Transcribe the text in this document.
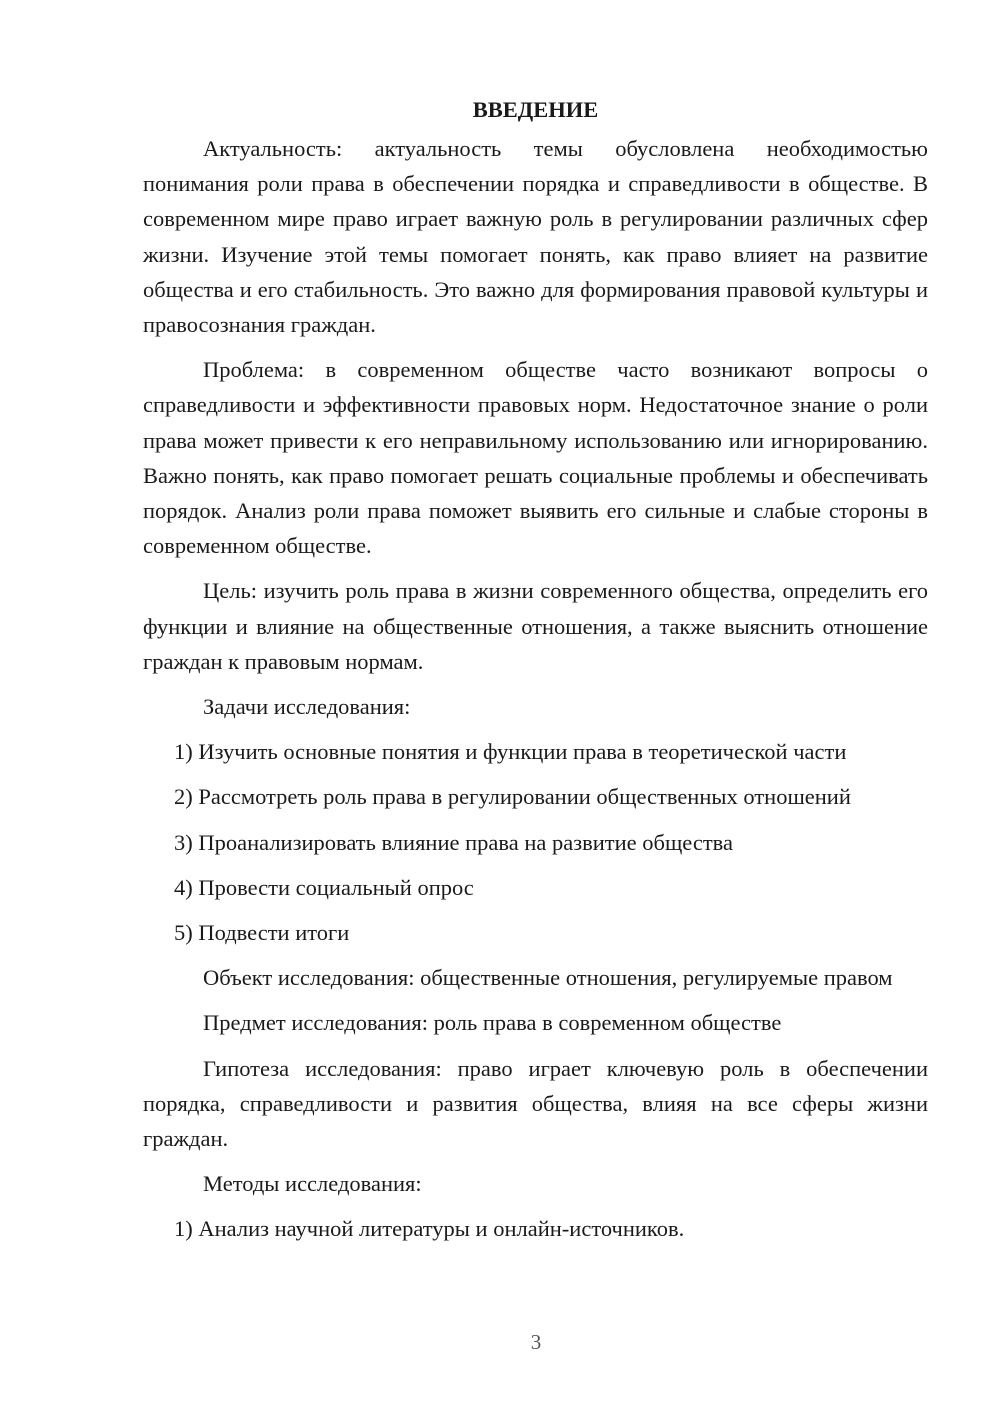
ВВЕДЕНИЕ

Актуальность: актуальность темы обусловлена необходимостью понимания роли права в обеспечении порядка и справедливости в обществе. В современном мире право играет важную роль в регулировании различных сфер жизни. Изучение этой темы помогает понять, как право влияет на развитие общества и его стабильность. Это важно для формирования правовой культуры и правосознания граждан.

Проблема: в современном обществе часто возникают вопросы о справедливости и эффективности правовых норм. Недостаточное знание о роли права может привести к его неправильному использованию или игнорированию. Важно понять, как право помогает решать социальные проблемы и обеспечивать порядок. Анализ роли права поможет выявить его сильные и слабые стороны в современном обществе.

Цель: изучить роль права в жизни современного общества, определить его функции и влияние на общественные отношения, а также выяснить отношение граждан к правовым нормам.

Задачи исследования:

1) Изучить основные понятия и функции права в теоретической части

2) Рассмотреть роль права в регулировании общественных отношений

3) Проанализировать влияние права на развитие общества

4) Провести социальный опрос

5) Подвести итоги

Объект исследования: общественные отношения, регулируемые правом

Предмет исследования: роль права в современном обществе

Гипотеза исследования: право играет ключевую роль в обеспечении порядка, справедливости и развития общества, влияя на все сферы жизни граждан.

Методы исследования:

1) Анализ научной литературы и онлайн-источников.

3
